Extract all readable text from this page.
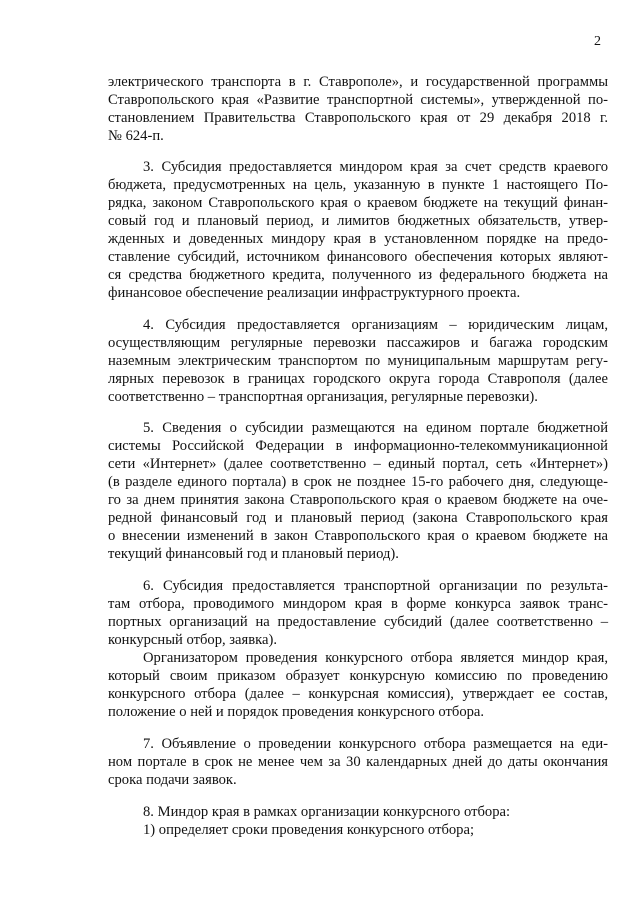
2
электрического транспорта в г. Ставрополе», и государственной программы
Ставропольского края «Развитие транспортной системы», утвержденной по-
становлением Правительства Ставропольского края от 29 декабря 2018 г.
№ 624-п.
3. Субсидия предоставляется миндором края за счет средств краевого
бюджета, предусмотренных на цель, указанную в пункте 1 настоящего По-
рядка, законом Ставропольского края о краевом бюджете на текущий финан-
совый год и плановый период, и лимитов бюджетных обязательств, утвер-
жденных и доведенных миндору края в установленном порядке на предо-
ставление субсидий, источником финансового обеспечения которых являют-
ся средства бюджетного кредита, полученного из федерального бюджета на
финансовое обеспечение реализации инфраструктурного проекта.
4. Субсидия предоставляется организациям – юридическим лицам,
осуществляющим регулярные перевозки пассажиров и багажа городским
наземным электрическим транспортом по муниципальным маршрутам регу-
лярных перевозок в границах городского округа города Ставрополя (далее
соответственно – транспортная организация, регулярные перевозки).
5. Сведения о субсидии размещаются на едином портале бюджетной
системы Российской Федерации в информационно-телекоммуникационной
сети «Интернет» (далее соответственно – единый портал, сеть «Интернет»)
(в разделе единого портала) в срок не позднее 15-го рабочего дня, следующе-
го за днем принятия закона Ставропольского края о краевом бюджете на оче-
редной финансовый год и плановый период (закона Ставропольского края
о внесении изменений в закон Ставропольского края о краевом бюджете на
текущий финансовый год и плановый период).
6. Субсидия предоставляется транспортной организации по результа-
там отбора, проводимого миндором края в форме конкурса заявок транс-
портных организаций на предоставление субсидий (далее соответственно –
конкурсный отбор, заявка).
Организатором проведения конкурсного отбора является миндор края,
который своим приказом образует конкурсную комиссию по проведению
конкурсного отбора (далее – конкурсная комиссия), утверждает ее состав,
положение о ней и порядок проведения конкурсного отбора.
7. Объявление о проведении конкурсного отбора размещается на еди-
ном портале в срок не менее чем за 30 календарных дней до даты окончания
срока подачи заявок.
8. Миндор края в рамках организации конкурсного отбора:
1) определяет сроки проведения конкурсного отбора;
